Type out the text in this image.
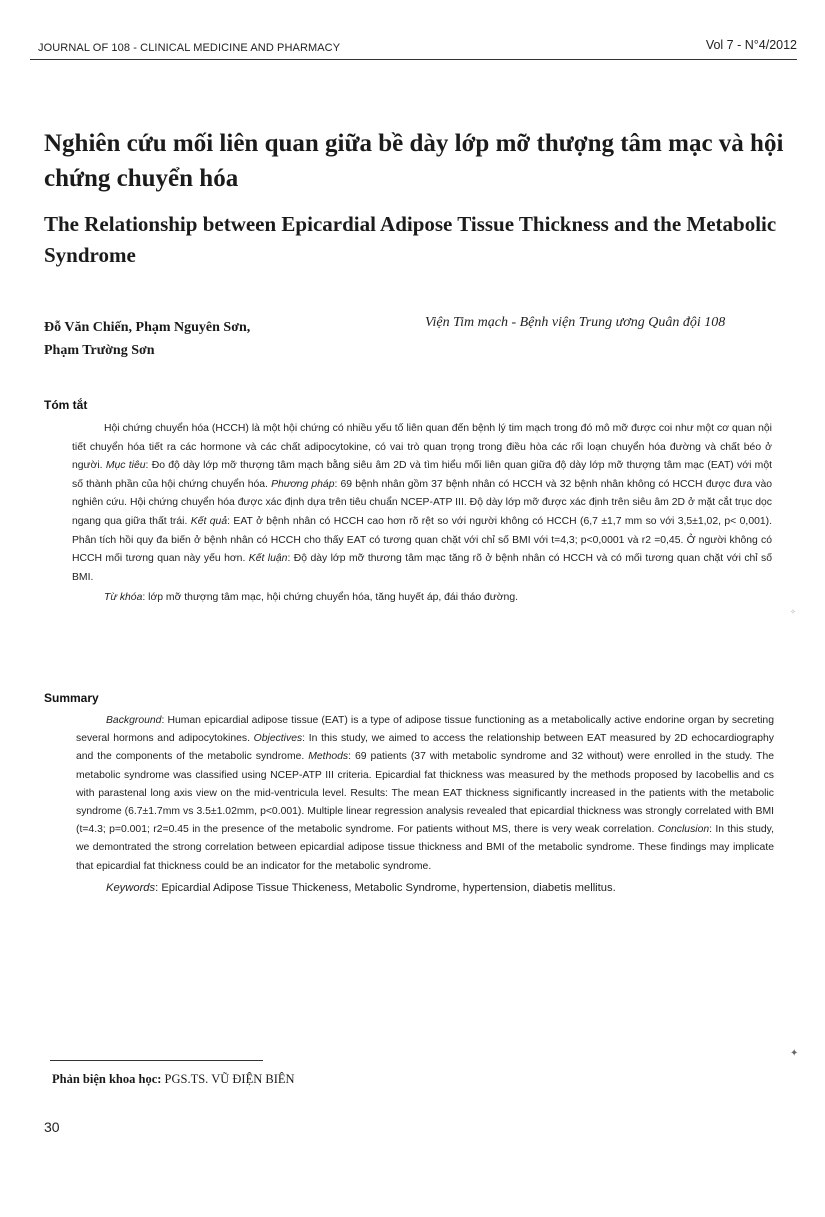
JOURNAL OF 108 - CLINICAL MEDICINE AND PHARMACY	Vol 7 - N°4/2012
Nghiên cứu mối liên quan giữa bề dày lớp mỡ thượng tâm mạc và hội chứng chuyển hóa
The Relationship between Epicardial Adipose Tissue Thickness and the Metabolic Syndrome
Đỗ Văn Chiến, Phạm Nguyên Sơn,
Phạm Trường Sơn
Viện Tim mạch - Bệnh viện Trung ương Quân đội 108
Tóm tắt

Hội chứng chuyển hóa (HCCH) là một hội chứng có nhiều yếu tố liên quan đến bệnh lý tim mạch trong đó mô mỡ được coi như một cơ quan nội tiết chuyển hóa tiết ra các hormone và các chất adipocytokine, có vai trò quan trọng trong điều hòa các rối loạn chuyển hóa đường và chất béo ở người. Mục tiêu: Đo độ dày lớp mỡ thượng tâm mạch bằng siêu âm 2D và tìm hiểu mối liên quan giữa độ dày lớp mỡ thượng tâm mạc (EAT) với một số thành phần của hội chứng chuyển hóa. Phương pháp: 69 bệnh nhân gồm 37 bệnh nhân có HCCH và 32 bệnh nhân không có HCCH được đưa vào nghiên cứu. Hội chứng chuyển hóa được xác định dựa trên tiêu chuẩn NCEP-ATP III. Độ dày lớp mỡ được xác định trên siêu âm 2D ở mặt cắt trục dọc ngang qua giữa thất trái. Kết quả: EAT ở bệnh nhân có HCCH cao hơn rõ rệt so với người không có HCCH (6,7 ±1,7 mm so với 3,5±1,02, p< 0,001). Phân tích hồi quy đa biến ở bệnh nhân có HCCH cho thấy EAT có tương quan chặt với chỉ số BMI với t=4,3; p<0,0001 và r2 =0,45. Ở người không có HCCH mối tương quan này yếu hơn. Kết luận: Độ dày lớp mỡ thương tâm mạc tăng rõ ở bệnh nhân có HCCH và có mối tương quan chặt với chỉ số BMI.

Từ khóa: lớp mỡ thượng tâm mạc, hội chứng chuyển hóa, tăng huyết áp, đái tháo đường.

Summary

Background: Human epicardial adipose tissue (EAT) is a type of adipose tissue functioning as a metabolically active endorine organ by secreting several hormons and adipocytokines. Objectives: In this study, we aimed to access the relationship between EAT measured by 2D echocardiography and the components of the metabolic syndrome. Methods: 69 patients (37 with metabolic syndrome and 32 without) were enrolled in the study. The metabolic syndrome was classified using NCEP-ATP III criteria. Epicardial fat thickness was measured by the methods proposed by Iacobellis and cs with parastenal long axis view on the mid-ventricula level. Results: The mean EAT thickness significantly increased in the patients with the metabolic syndrome (6.7±1.7mm vs 3.5±1.02mm, p<0.001). Multiple linear regression analysis revealed that epicardial thickness was strongly correlated with BMI (t=4.3; p=0.001; r2=0.45 in the presence of the metabolic syndrome. For patients without MS, there is very weak correlation. Conclusion: In this study, we demontrated the strong correlation between epicardial adipose tissue thickness and BMI of the metabolic syndrome. These findings may implicate that epicardial fat thickness could be an indicator for the metabolic syndrome.

Keywords: Epicardial Adipose Tissue Thickeness, Metabolic Syndrome, hypertension, diabetis mellitus.

✦
✧
Phản biện khoa học: PGS.TS. VŨ ĐIỆN BIÊN
30
